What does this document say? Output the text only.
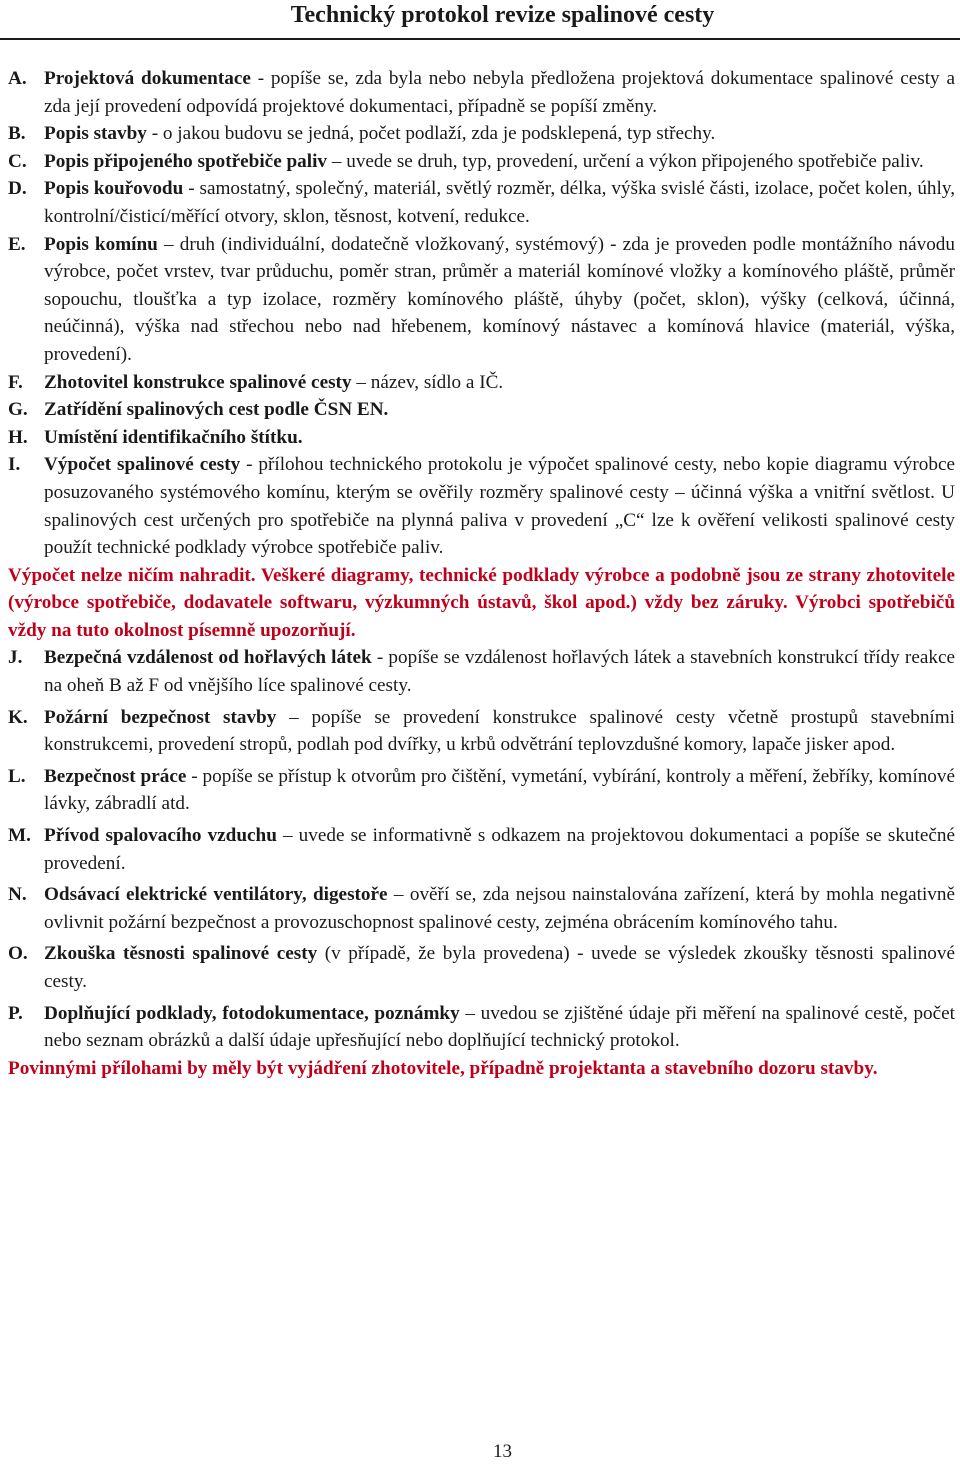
Technický protokol revize spalinové cesty
A. Projektová dokumentace - popíše se, zda byla nebo nebyla předložena projektová dokumentace spalinové cesty a zda její provedení odpovídá projektové dokumentaci, případně se popíší změny.
B. Popis stavby - o jakou budovu se jedná, počet podlaží, zda je podsklepená, typ střechy.
C. Popis připojeného spotřebiče paliv – uvede se druh, typ, provedení, určení a výkon připojeného spotřebiče paliv.
D. Popis kouřovodu - samostatný, společný, materiál, světlý rozměr, délka, výška svislé části, izolace, počet kolen, úhly, kontrolní/čisticí/měřící otvory, sklon, těsnost, kotvení, redukce.
E. Popis komínu – druh (individuální, dodatečně vložkovaný, systémový) - zda je proveden podle montážního návodu výrobce, počet vrstev, tvar průduchu, poměr stran, průměr a materiál komínové vložky a komínového pláště, průměr sopouchu, tloušťka a typ izolace, rozměry komínového pláště, úhyby (počet, sklon), výšky (celková, účinná, neúčinná), výška nad střechou nebo nad hřebenem, komínový nástavec a komínová hlavice (materiál, výška, provedení).
F.	Zhotovitel konstrukce spalinové cesty – název, sídlo a IČ.
G. Zatřídění spalinových cest podle ČSN EN.
H. Umístění identifikačního štítku.
I.	Výpočet spalinové cesty - přílohou technického protokolu je výpočet spalinové cesty, nebo kopie diagramu výrobce posuzovaného systémového komínu, kterým se ověřily rozměry spalinové cesty – účinná výška a vnitřní světlost. U spalinových cest určených pro spotřebiče na plynná paliva v provedení „C“ lze k ověření velikosti spalinové cesty použít technické podklady výrobce spotřebiče paliv.
Výpočet nelze ničím nahradit. Veškeré diagramy, technické podklady výrobce a podobně jsou ze strany zhotovitele (výrobce spotřebiče, dodavatele softwaru, výzkumných ústavů, škol apod.) vždy bez záruky. Výrobci spotřebičů vždy na tuto okolnost písemně upozorňují.
J.	Bezpečná vzdálenost od hořlavých látek - popíše se vzdálenost hořlavých látek a stavebních konstrukcí třídy reakce na oheň B až F od vnějšího líce spalinové cesty.
K. Požární bezpečnost stavby – popíše se provedení konstrukce spalinové cesty včetně prostupů stavebními konstrukcemi, provedení stropů, podlah pod dvířky, u krbů odvětrání teplovzdušné komory, lapače jisker apod.
L. Bezpečnost práce - popíše se přístup k otvorům pro čištění, vymetání, vybírání, kontroly a měření, žebříky, komínové lávky, zábradlí atd.
M. Přívod spalovacího vzduchu – uvede se informativně s odkazem na projektovou dokumentaci a popíše se skutečné provedení.
N. Odsávací elektrické ventilátory, digestoře – ověří se, zda nejsou nainstalována zařízení, která by mohla negativně ovlivnit požární bezpečnost a provozuschopnost spalinové cesty, zejména obrácením komínového tahu.
O. Zkouška těsnosti spalinové cesty (v případě, že byla provedena) - uvede se výsledek zkoušky těsnosti spalinové cesty.
P.	Doplňující podklady, fotodokumentace, poznámky – uvedou se zjištěné údaje při měření na spalinové cestě, počet nebo seznam obrázků a další údaje upřesňující nebo doplňující technický protokol.
Povinnými přílohami by měly být vyjádření zhotovitele, případně projektanta a stavebního dozoru stavby.
13
